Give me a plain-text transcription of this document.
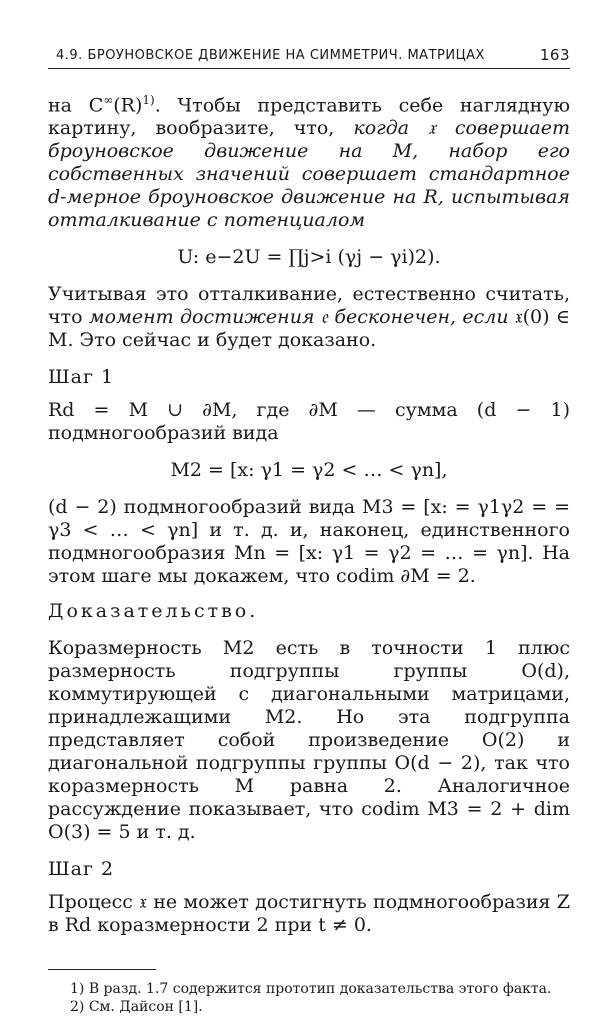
4.9. БРОУНОВСКОЕ ДВИЖЕНИЕ НА СИММЕТРИЧ. МАТРИЦАХ	163

на $C^\infty(R)^{1)}$. Чтобы представить себе наглядную картину, вообразите, что, когда 𝔵 совершает броуновское движение на M, набор его собственных значений совершает стандартное d-мерное броуновское движение на R, испытывая отталкивание с потенциалом

U: e−2U = ∏j>i (γj − γi)2).

Учитывая это отталкивание, естественно считать, что момент достижения 𝔢 бесконечен, если 𝔵(0) ∈ M. Это сейчас и будет доказано.

Шаг 1

Rd = M ∪ ∂M, где ∂M — сумма (d − 1) подмногообразий вида

M2 = [x: γ1 = γ2 < … < γn],

(d − 2) подмногообразий вида M3 = [x: = γ1γ2 = = γ3 < … < γn] и т. д. и, наконец, единственного подмногообразия Mn = [x: γ1 = γ2 = … = γn]. На этом шаге мы докажем, что codim ∂M = 2.

Доказательство.

Коразмерность M2 есть в точности 1 плюс размерность подгруппы группы O(d), коммутирующей с диагональными матрицами, принадлежащими M2. Но эта подгруппа представляет собой произведение O(2) и диагональной подгруппы группы O(d − 2), так что коразмерность M равна 2. Аналогичное рассуждение показывает, что codim M3 = 2 + dim O(3) = 5 и т. д.

Шаг 2

Процесс 𝔵 не может достигнуть подмногообразия Z в Rd коразмерности 2 при t ≠ 0.

1) В разд. 1.7 содержится прототип доказательства этого факта.

2) См. Дайсон [1].
